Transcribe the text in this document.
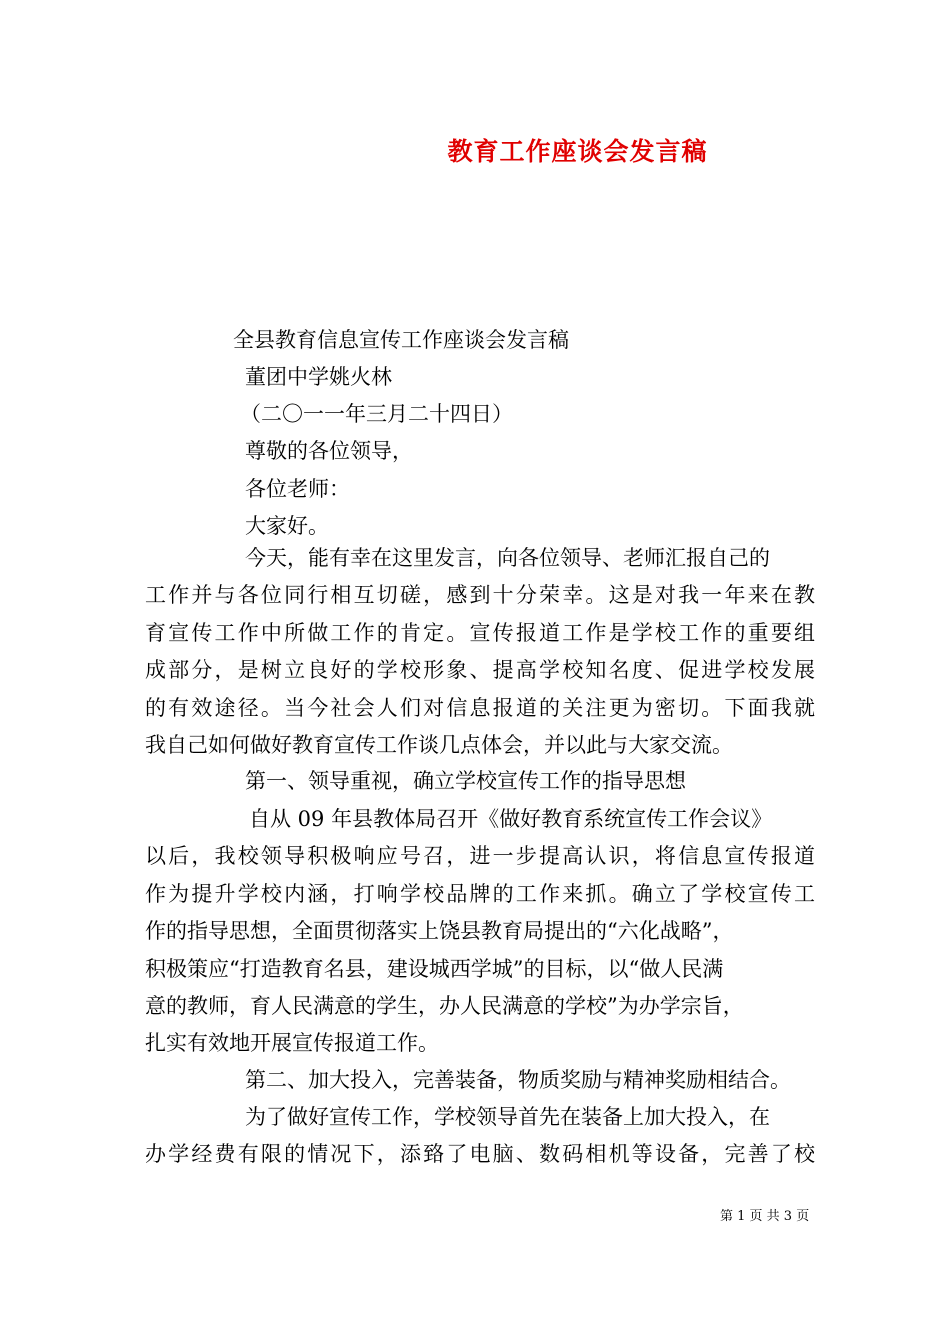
教育工作座谈会发言稿
全县教育信息宣传工作座谈会发言稿
董团中学姚火林
（二〇一一年三月二十四日）
尊敬的各位领导，
各位老师：
大家好。
今天，能有幸在这里发言，向各位领导、老师汇报自己的
工作并与各位同行相互切磋，感到十分荣幸。这是对我一年来在教
育宣传工作中所做工作的肯定。宣传报道工作是学校工作的重要组
成部分，是树立良好的学校形象、提高学校知名度、促进学校发展
的有效途径。当今社会人们对信息报道的关注更为密切。下面我就
我自己如何做好教育宣传工作谈几点体会，并以此与大家交流。
第一、领导重视，确立学校宣传工作的指导思想
自从 09 年县教体局召开《做好教育系统宣传工作会议》
以后，我校领导积极响应号召，进一步提高认识，将信息宣传报道
作为提升学校内涵，打响学校品牌的工作来抓。确立了学校宣传工
作的指导思想，全面贯彻落实上饶县教育局提出的“六化战略”，
积极策应“打造教育名县，建设城西学城”的目标，以“做人民满
意的教师，育人民满意的学生，办人民满意的学校”为办学宗旨，
扎实有效地开展宣传报道工作。
第二、加大投入，完善装备，物质奖励与精神奖励相结合。
为了做好宣传工作，学校领导首先在装备上加大投入，在
办学经费有限的情况下，添臵了电脑、数码相机等设备，完善了校
第 1 页 共 3 页
